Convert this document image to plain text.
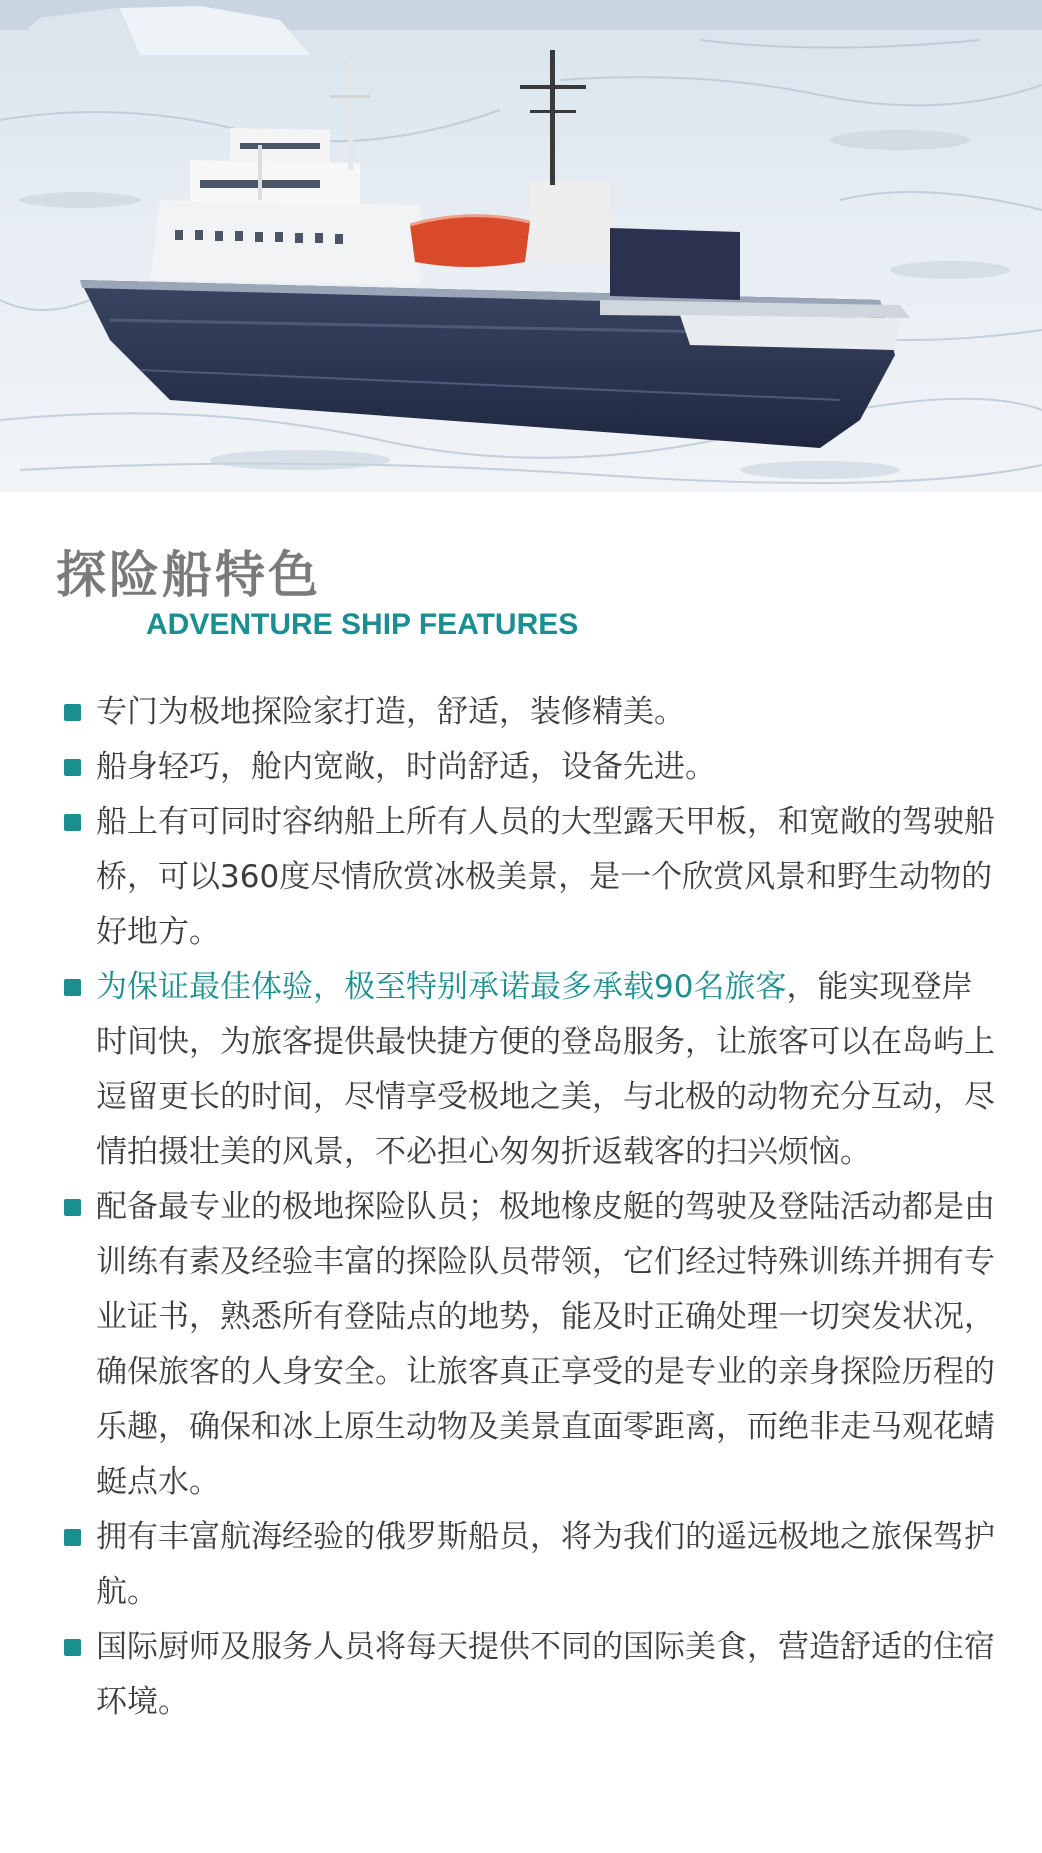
探险船特色
ADVENTURE SHIP FEATURES
专门为极地探险家打造，舒适，装修精美。
船身轻巧，舱内宽敞，时尚舒适，设备先进。
船上有可同时容纳船上所有人员的大型露天甲板，和宽敞的驾驶船桥，可以360度尽情欣赏冰极美景，是一个欣赏风景和野生动物的好地方。
为保证最佳体验，极至特别承诺最多承载90名旅客，能实现登岸时间快，为旅客提供最快捷方便的登岛服务，让旅客可以在岛屿上逗留更长的时间，尽情享受极地之美，与北极的动物充分互动，尽情拍摄壮美的风景，不必担心匆匆折返载客的扫兴烦恼。
配备最专业的极地探险队员；极地橡皮艇的驾驶及登陆活动都是由训练有素及经验丰富的探险队员带领，它们经过特殊训练并拥有专业证书，熟悉所有登陆点的地势，能及时正确处理一切突发状况，确保旅客的人身安全。让旅客真正享受的是专业的亲身探险历程的乐趣，确保和冰上原生动物及美景直面零距离，而绝非走马观花蜻蜓点水。
拥有丰富航海经验的俄罗斯船员，将为我们的遥远极地之旅保驾护航。
国际厨师及服务人员将每天提供不同的国际美食，营造舒适的住宿环境。
